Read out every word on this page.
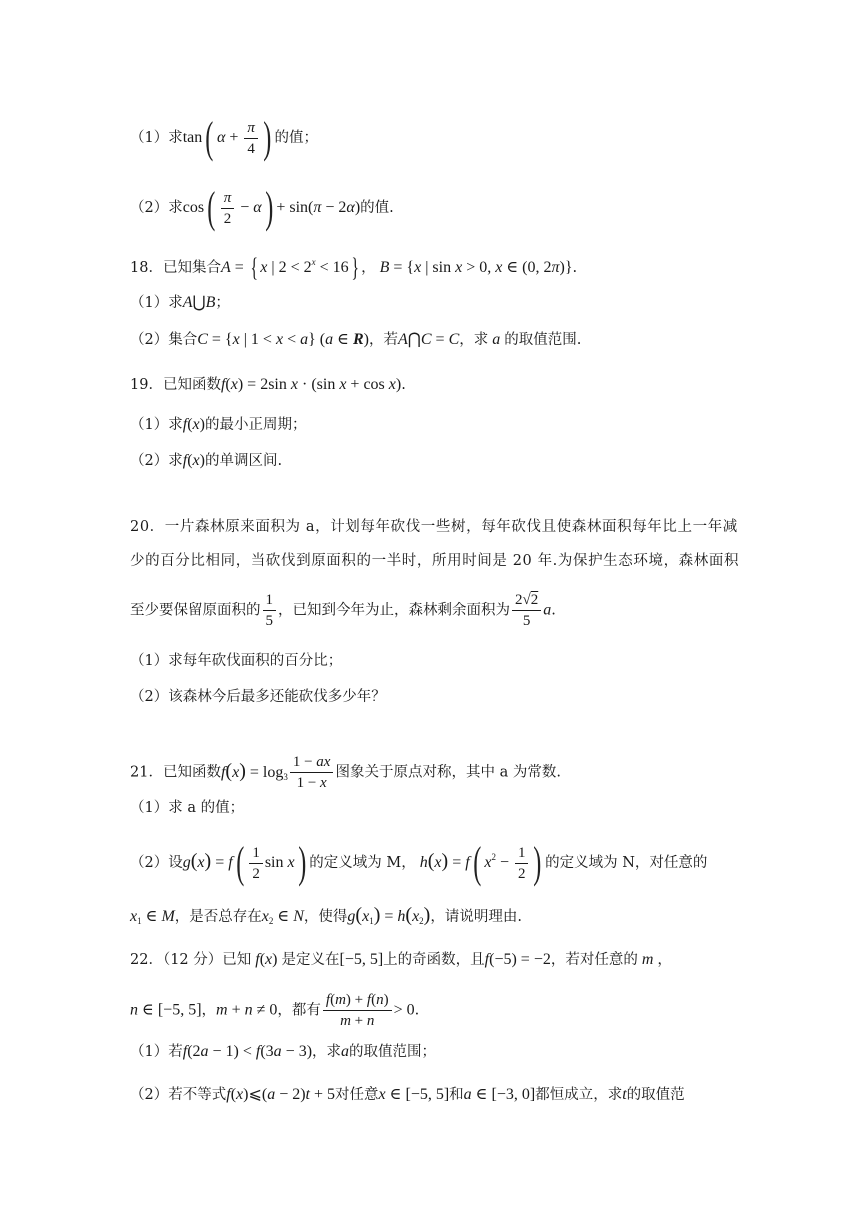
（1）求tan( $\alpha + \frac{\pi}{4}$ ) 的值；
（2）求$\cos( \frac{\pi}{2} - \alpha) + \sin(\pi - 2\alpha)$的值.
18．已知集合A = { x | $2 < 2^x < 16$} ， B = {x | sin x > 0, x ∈ (0, 2π)}.
（1）求A⋃B；
（2）集合C = {x | 1 < x < a} (a ∈ R)，若A⋂C = C，求 a 的取值范围.
19．已知函数f(x) = 2sin x · (sin x + cos x).
（1）求f(x)的最小正周期；
（2）求f(x)的单调区间.
20．一片森林原来面积为 a，计划每年砍伐一些树，每年砍伐且使森林面积每年比上一年减
少的百分比相同，当砍伐到原面积的一半时，所用时间是 20 年.为保护生态环境，森林面积
至少要保留原面积的 $\frac{1}{5}$ ，已知到今年为止，森林剩余面积为 $\frac{2√2}{5} a$.
（1）求每年砍伐面积的百分比；
（2）该森林今后最多还能砍伐多少年？
21．已知函数$f(x) = \log_3 \frac{1 - ax}{1 - x}$ 图象关于原点对称，其中 a 为常数.
（1）求 a 的值；
（2）设$g(x) = f( \frac{1}{2}$ sin x) 的定义域为 M， h(x) = f( $x^2 - \frac{1}{2}$ ) 的定义域为 N，对任意的
$x_1$ ∈ M，是否总存在$x_2$ ∈ N，使得$g(x_1) = h(x_2)$，请说明理由.
22．（12 分）已知 f(x) 是定义在[−5, 5]上的奇函数，且f(−5) = −2，若对任意的 m ，
n ∈ [−5, 5]，m + n ≠ 0，都有 $\frac{f(m) + f(n)}{m + n} > 0$.
（1）若f(2a − 1) < f(3a − 3)，求a的取值范围；
（2）若不等式f(x)⩽(a − 2)t + 5对任意x ∈ [−5, 5]和a ∈ [−3, 0]都恒成立，求t的取值范
